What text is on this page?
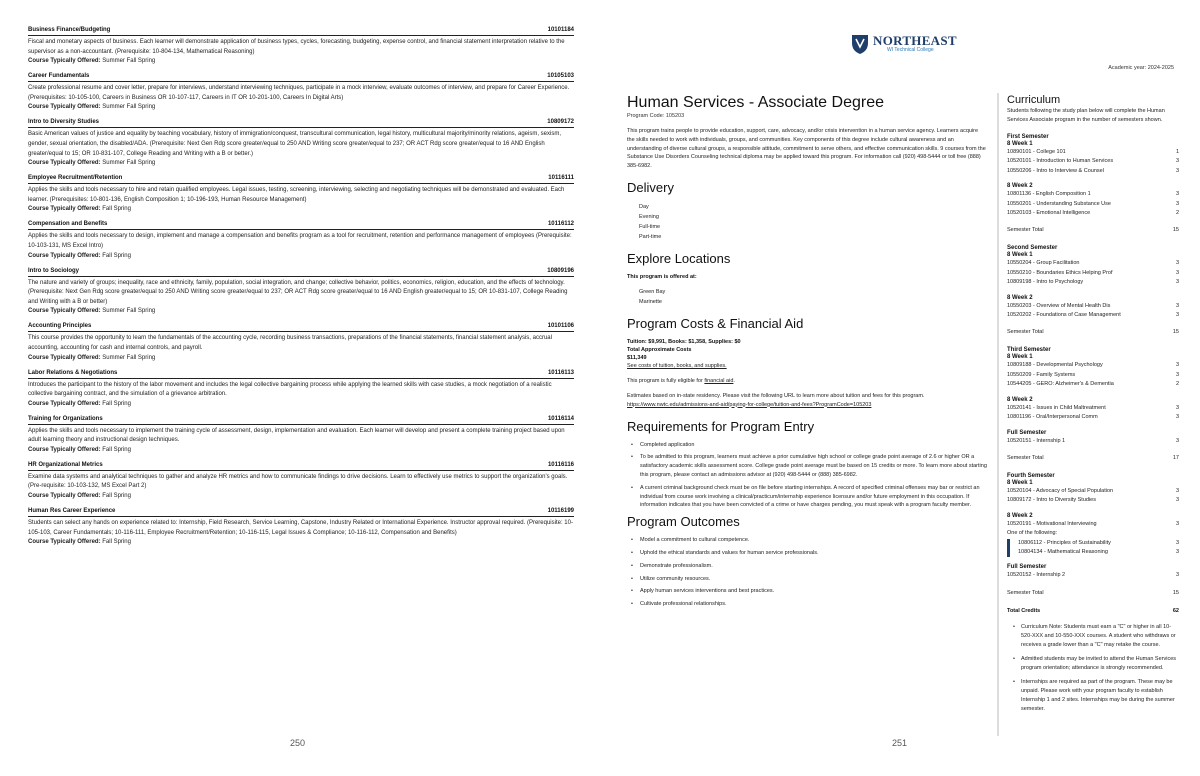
Business Finance/Budgeting	10101184
Fiscal and monetary aspects of business. Each learner will demonstrate application of business types, cycles, forecasting, budgeting, expense control, and financial statement interpretation relative to the supervisor as a non-accountant. (Prerequisite: 10-804-134, Mathematical Reasoning)
Course Typically Offered: Summer Fall Spring
Career Fundamentals	10105103
Create professional resume and cover letter, prepare for interviews, understand interviewing techniques, participate in a mock interview, evaluate outcomes of interview, and prepare for Career Experience. (Prerequisites: 10-105-100, Careers in Business OR 10-107-117, Careers in IT OR 10-201-100, Careers In Digital Arts)
Course Typically Offered: Summer Fall Spring
Intro to Diversity Studies	10809172
Basic American values of justice and equality by teaching vocabulary, history of immigration/conquest, transcultural communication, legal history, multicultural majority/minority relations, ageism, sexism, gender, sexual orientation, the disabled/ADA. (Prerequisite: Next Gen Rdg score greater/equal to 250 AND Writing score greater/equal to 237; OR ACT Rdg score greater/equal to 16 AND English greater/equal to 15; OR 10-831-107, College Reading and Writing with a B or better.)
Course Typically Offered: Summer Fall Spring
Employee Recruitment/Retention	10116111
Applies the skills and tools necessary to hire and retain qualified employees. Legal issues, testing, screening, interviewing, selecting and negotiating techniques will be demonstrated and evaluated. Each learner. (Prerequisites: 10-801-136, English Composition 1; 10-196-193, Human Resource Management)
Course Typically Offered: Fall Spring
Compensation and Benefits	10116112
Applies the skills and tools necessary to design, implement and manage a compensation and benefits program as a tool for recruitment, retention and performance management of employees (Prerequisite: 10-103-131, MS Excel Intro)
Course Typically Offered: Fall Spring
Intro to Sociology	10809196
The nature and variety of groups; inequality, race and ethnicity, family, population, social integration, and change; collective behavior, politics, economics, religion, education, and the effects of technology. (Prerequisite: Next Gen Rdg score greater/equal to 250 AND Writing score greater/equal to 237; OR ACT Rdg score greater/equal to 16 AND English greater/equal to 15; OR 10-831-107, College Reading and Writing with a B or better)
Course Typically Offered: Summer Fall Spring
Accounting Principles	10101106
This course provides the opportunity to learn the fundamentals of the accounting cycle, recording business transactions, preparations of the financial statements, financial statement analysis, accrual accounting, accounting for cash and internal controls, and payroll.
Course Typically Offered: Summer Fall Spring
Labor Relations & Negotiations	10116113
Introduces the participant to the history of the labor movement and includes the legal collective bargaining process while applying the learned skills with case studies, a mock negotiation of a realistic collective bargaining contract, and the simulation of a grievance arbitration.
Course Typically Offered: Fall Spring
Training for Organizations	10116114
Applies the skills and tools necessary to implement the training cycle of assessment, design, implementation and evaluation. Each learner will develop and present a complete training project based upon adult learning theory and instructional design techniques.
Course Typically Offered: Fall Spring
HR Organizational Metrics	10116116
Examine data systems and analytical techniques to gather and analyze HR metrics and how to communicate findings to drive decisions. Learn to effectively use metrics to support the organization's goals. (Pre-requisite: 10-103-132, MS Excel Part 2)
Course Typically Offered: Fall Spring
Human Res Career Experience	10116199
Students can select any hands on experience related to: Internship, Field Research, Service Learning, Capstone, Industry Related or International Experience. Instructor approval required. (Prerequisite: 10-105-103, Career Fundamentals; 10-116-111, Employee Recruitment/Retention; 10-116-115, Legal Issues & Compliance; 10-116-112, Compensation and Benefits)
Course Typically Offered: Fall Spring
250
NORTHEAST
WI Technical College
Academic year: 2024-2025
Human Services - Associate Degree
Program Code: 105203
This program trains people to provide education, support, care, advocacy, and/or crisis intervention in a human service agency. Learners acquire the skills needed to work with individuals, groups, and communities. Key components of this degree include cultural awareness and an understanding of diverse cultural groups, a responsible attitude, commitment to serve others, and effective communication skills. 9 courses from the Substance Use Disorders Counseling technical diploma may be applied toward this program. For information call (920) 498-5444 or toll free (888) 385-6982.
Delivery
Day
Evening
Full-time
Part-time
Explore Locations
This program is offered at:
Green Bay
Marinette
Program Costs & Financial Aid
Tuition: $9,991, Books: $1,358, Supplies: $0
Total Approximate Costs
$11,349
See costs of tuition, books, and supplies.
This program is fully eligible for financial aid.
Estimates based on in-state residency. Please visit the following URL to learn more about tuition and fees for this program.
https://www.nwtc.edu/admissions-and-aid/paying-for-college/tuition-and-fees?ProgramCode=105203
Requirements for Program Entry
• Completed application
• To be admitted to this program, learners must achieve a prior cumulative high school or college grade point average of 2.6 or higher OR a satisfactory academic skills assessment score. College grade point average must be based on 15 credits or more. To learn more about starting this program, please contact an admissions advisor at (920) 498-5444 or (888) 385-6982.
• A current criminal background check must be on file before starting internships. A record of specified criminal offenses may bar or restrict an individual from course work involving a clinical/practicum/internship experience licensure and/or future employment in this occupation. If information indicates that you have been convicted of a crime or have charges pending, you must speak with a program faculty member.
Program Outcomes
• Model a commitment to cultural competence.
• Uphold the ethical standards and values for human service professionals.
• Demonstrate professionalism.
• Utilize community resources.
• Apply human services interventions and best practices.
• Cultivate professional relationships.
Curriculum
Students following the study plan below will complete the Human Services Associate program in the number of semesters shown.
First Semester
8 Week 1
10890101 - College 101	1
10520101 - Introduction to Human Services	3
10550206 - Intro to Interview & Counsel	3
8 Week 2
10801136 - English Composition 1	3
10550201 - Understanding Substance Use	3
10520103 - Emotional Intelligence	2
Semester Total	15
Second Semester
8 Week 1
10550204 - Group Facilitation	3
10550210 - Boundaries Ethics Helping Prof	3
10809198 - Intro to Psychology	3
8 Week 2
10550203 - Overview of Mental Health Dis	3
10520202 - Foundations of Case Management	3
Semester Total	15
Third Semester
8 Week 1
10809188 - Developmental Psychology	3
10550209 - Family Systems	3
10544205 - GERO: Alzheimer's & Dementia	2
8 Week 2
10520141 - Issues in Child Maltreatment	3
10801196 - Oral/Interpersonal Comm	3
Full Semester
10520151 - Internship 1	3
Semester Total	17
Fourth Semester
8 Week 1
10520104 - Advocacy of Special Population	3
10809172 - Intro to Diversity Studies	3
8 Week 2
10520191 - Motivational Interviewing	3
One of the following:
10806112 - Principles of Sustainability	3
10804134 - Mathematical Reasoning	3
Full Semester
10520152 - Internship 2	3
Semester Total	15
Total Credits	62
• Curriculum Note: Students must earn a "C" or higher in all 10-520-XXX and 10-550-XXX courses. A student who withdraws or receives a grade lower than a "C" may retake the course.
• Admitted students may be invited to attend the Human Services program orientation; attendance is strongly recommended.
• Internships are required as part of the program. These may be unpaid. Please work with your program faculty to establish Internship 1 and 2 sites. Internships may be during the summer semester.
251
